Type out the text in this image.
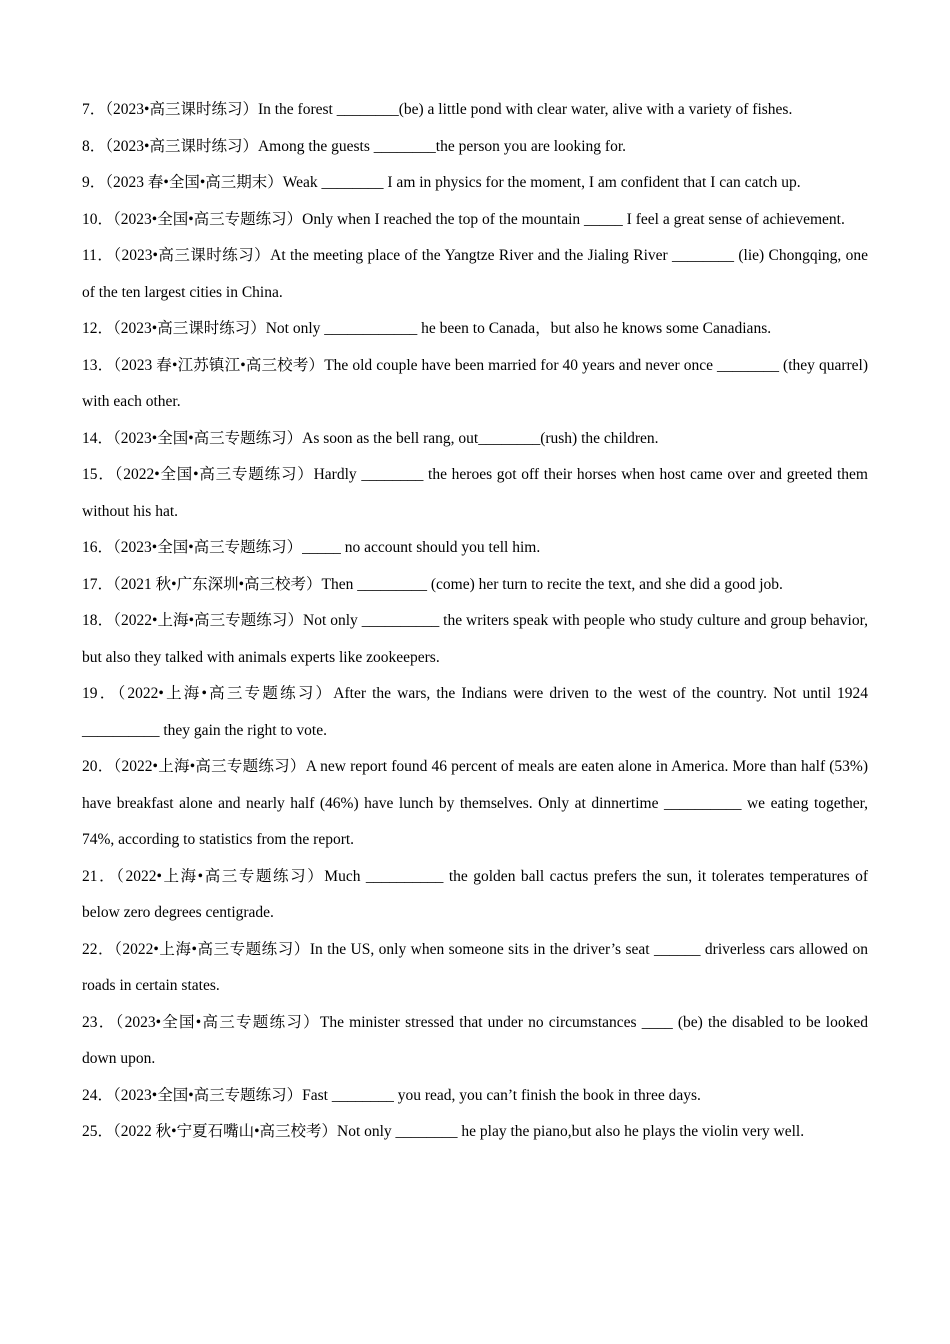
7．（2023•高三课时练习）In the forest ________(be) a little pond with clear water, alive with a variety of fishes.

8．（2023•高三课时练习）Among the guests ________the person you are looking for.

9．（2023 春•全国•高三期末）Weak ________ I am in physics for the moment, I am confident that I can catch up.

10．（2023•全国•高三专题练习）Only when I reached the top of the mountain _____ I feel a great sense of achievement.

11．（2023•高三课时练习）At the meeting place of the Yangtze River and the Jialing River ________ (lie) Chongqing, one of the ten largest cities in China.

12．（2023•高三课时练习）Not only ____________ he been to Canada，but also he knows some Canadians.

13．（2023 春•江苏镇江•高三校考）The old couple have been married for 40 years and never once ________ (they quarrel) with each other.

14．（2023•全国•高三专题练习）As soon as the bell rang, out________(rush) the children.

15．（2022•全国•高三专题练习）Hardly ________ the heroes got off their horses when host came over and greeted them without his hat.

16．（2023•全国•高三专题练习）_____ no account should you tell him.

17．（2021 秋•广东深圳•高三校考）Then _________ (come) her turn to recite the text, and she did a good job.

18．（2022•上海•高三专题练习）Not only __________ the writers speak with people who study culture and group behavior, but also they talked with animals experts like zookeepers.

19．（2022•上海•高三专题练习）After the wars, the Indians were driven to the west of the country. Not until 1924 __________ they gain the right to vote.

20．（2022•上海•高三专题练习）A new report found 46 percent of meals are eaten alone in America. More than half (53%) have breakfast alone and nearly half (46%) have lunch by themselves. Only at dinnertime __________ we eating together, 74%, according to statistics from the report.

21．（2022•上海•高三专题练习）Much __________ the golden ball cactus prefers the sun, it tolerates temperatures of below zero degrees centigrade.

22．（2022•上海•高三专题练习）In the US, only when someone sits in the driver’s seat ______ driverless cars allowed on roads in certain states.

23．（2023•全国•高三专题练习）The minister stressed that under no circumstances ____ (be) the disabled to be looked down upon.

24．（2023•全国•高三专题练习）Fast ________ you read, you can’t finish the book in three days.

25．（2022 秋•宁夏石嘴山•高三校考）Not only ________ he play the piano,but also he plays the violin very well.
